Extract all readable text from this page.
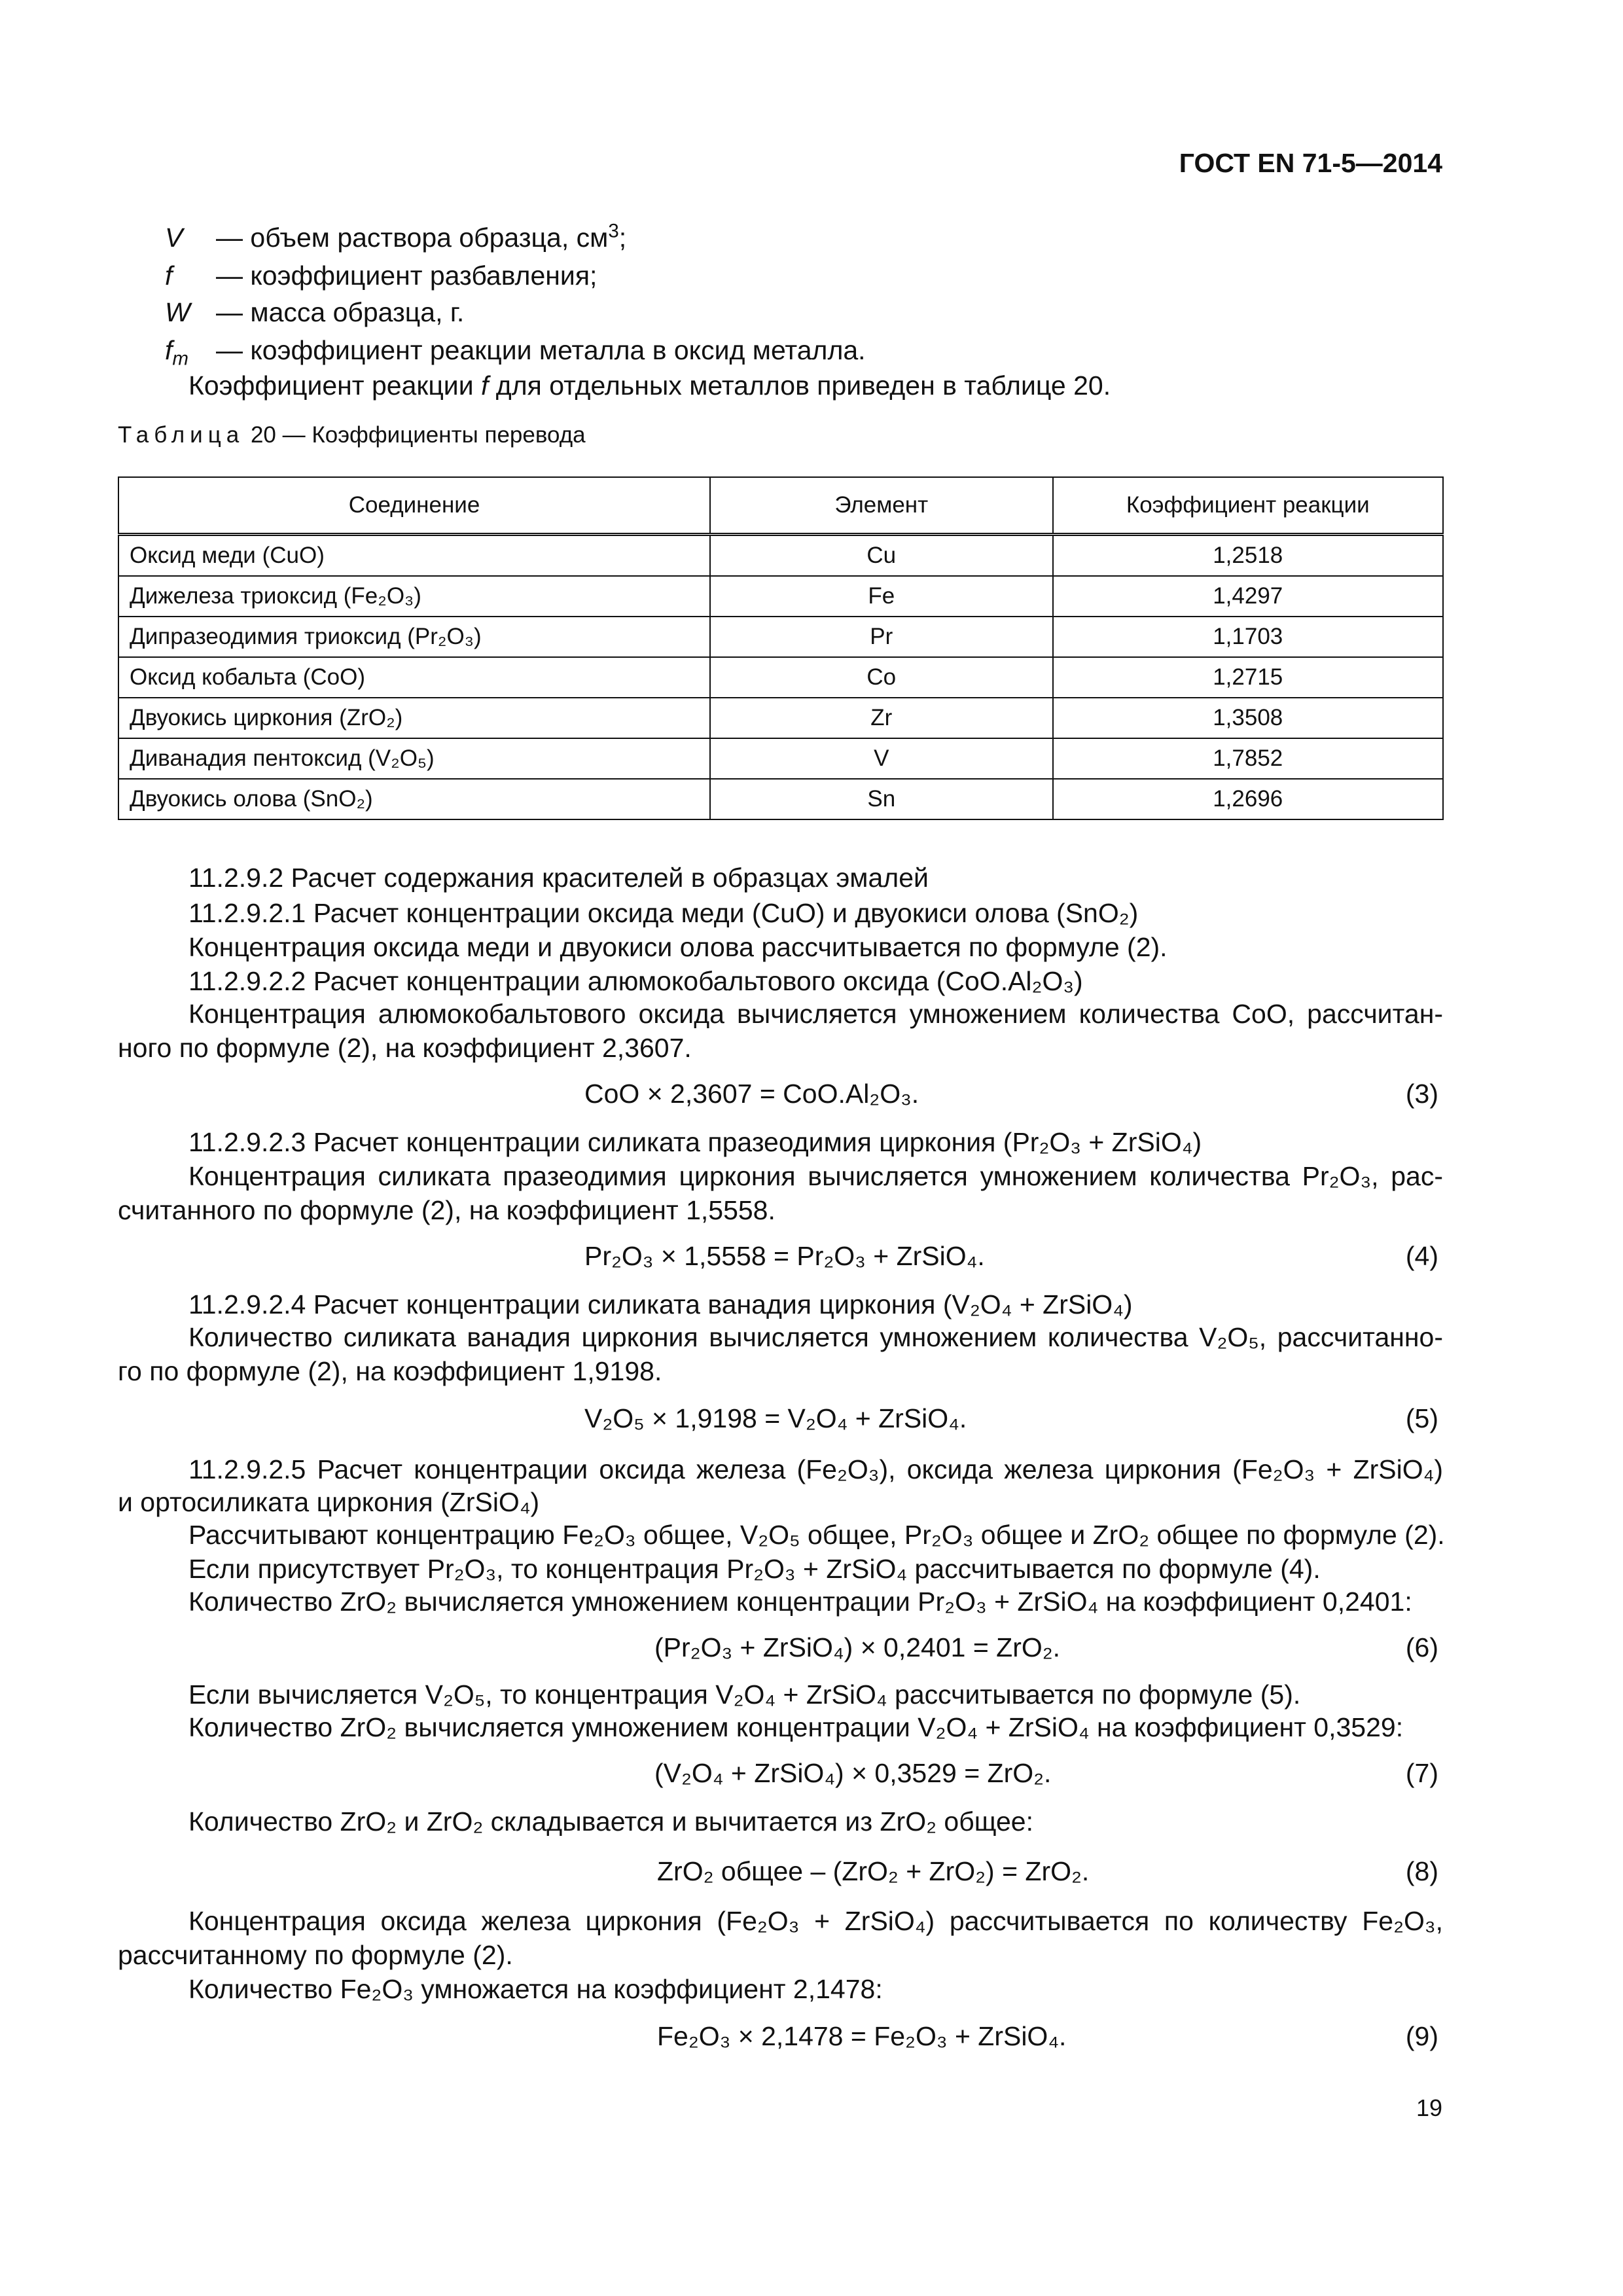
ГОСТ EN 71-5—2014
V — объем раствора образца, $см^3$;
f — коэффициент разбавления;
W — масса образца, г.
$f_m$ — коэффициент реакции металла в оксид металла.
Коэффициент реакции f для отдельных металлов приведен в таблице 20.
Таблица 20 — Коэффициенты перевода
Соединение	Элемент	Коэффициент реакции
Оксид меди (CuO)	Cu	1,2518
Дижелеза триоксид (Fe₂O₃)	Fe	1,4297
Дипразеодимия триоксид (Pr₂O₃)	Pr	1,1703
Оксид кобальта (CoO)	Co	1,2715
Двуокись циркония (ZrO₂)	Zr	1,3508
Диванадия пентоксид (V₂O₅)	V	1,7852
Двуокись олова (SnO₂)	Sn	1,2696
11.2.9.2 Расчет содержания красителей в образцах эмалей
11.2.9.2.1 Расчет концентрации оксида меди (CuO) и двуокиси олова (SnO₂)
Концентрация оксида меди и двуокиси олова рассчитывается по формуле (2).
11.2.9.2.2 Расчет концентрации алюмокобальтового оксида (CoO.Al₂O₃)
Концентрация алюмокобальтового оксида вычисляется умножением количества CoO, рассчитан-
ного по формуле (2), на коэффициент 2,3607.
CoO × 2,3607 = CoO.Al₂O₃.	(3)
11.2.9.2.3 Расчет концентрации силиката празеодимия циркония (Pr₂O₃ + ZrSiO₄)
Концентрация силиката празеодимия циркония вычисляется умножением количества Pr₂O₃, рас-
считанного по формуле (2), на коэффициент 1,5558.
Pr₂O₃ × 1,5558 = Pr₂O₃ + ZrSiO₄.	(4)
11.2.9.2.4 Расчет концентрации силиката ванадия циркония (V₂O₄ + ZrSiO₄)
Количество силиката ванадия циркония вычисляется умножением количества V₂O₅, рассчитанно-
го по формуле (2), на коэффициент 1,9198.
V₂O₅ × 1,9198 = V₂O₄ + ZrSiO₄.	(5)
11.2.9.2.5 Расчет концентрации оксида железа (Fe₂O₃), оксида железа циркония (Fe₂O₃ + ZrSiO₄)
и ортосиликата циркония (ZrSiO₄)
Рассчитывают концентрацию Fe₂O₃ общее, V₂O₅ общее, Pr₂O₃ общее и ZrO₂ общее по формуле (2).
Если присутствует Pr₂O₃, то концентрация Pr₂O₃ + ZrSiO₄ рассчитывается по формуле (4).
Количество ZrO₂ вычисляется умножением концентрации Pr₂O₃ + ZrSiO₄ на коэффициент 0,2401:
(Pr₂O₃ + ZrSiO₄) × 0,2401 = ZrO₂.	(6)
Если вычисляется V₂O₅, то концентрация V₂O₄ + ZrSiO₄ рассчитывается по формуле (5).
Количество ZrO₂ вычисляется умножением концентрации V₂O₄ + ZrSiO₄ на коэффициент 0,3529:
(V₂O₄ + ZrSiO₄) × 0,3529 = ZrO₂.	(7)
Количество ZrO₂ и ZrO₂ складывается и вычитается из ZrO₂ общее:
ZrO₂ общее – (ZrO₂ + ZrO₂) = ZrO₂.	(8)
Концентрация оксида железа циркония (Fe₂O₃ + ZrSiO₄) рассчитывается по количеству Fe₂O₃,
рассчитанному по формуле (2).
Количество Fe₂O₃ умножается на коэффициент 2,1478:
Fe₂O₃ × 2,1478 = Fe₂O₃ + ZrSiO₄.	(9)
19
